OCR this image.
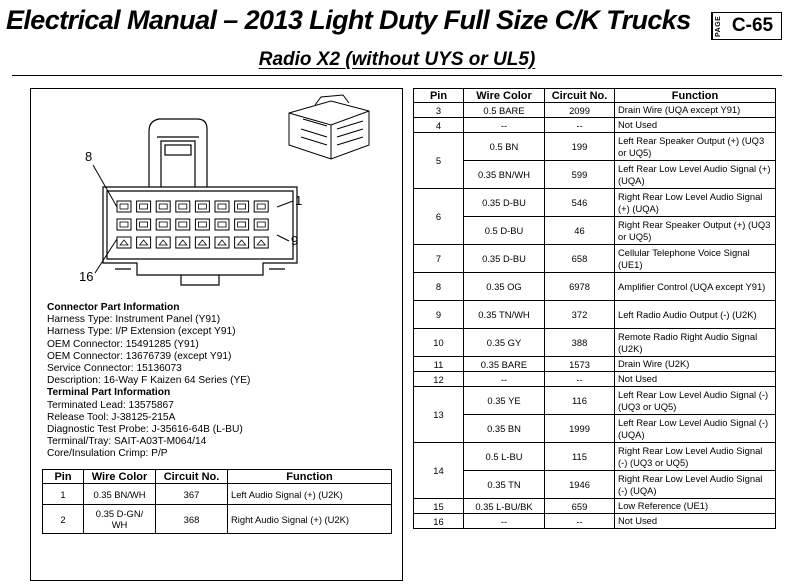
Electrical Manual – 2013 Light Duty Full Size C/K Trucks	PAGE C-65
Radio X2 (without UYS or UL5)
8
1
9
16
Connector Part Information
Harness Type: Instrument Panel (Y91)
Harness Type: I/P Extension (except Y91)
OEM Connector: 15491285 (Y91)
OEM Connector: 13676739 (except Y91)
Service Connector: 15136073
Description: 16-Way F Kaizen 64 Series (YE)
Terminal Part Information
Terminated Lead: 13575867
Release Tool: J-38125-215A
Diagnostic Test Probe: J-35616-64B (L-BU)
Terminal/Tray: SAIT-A03T-M064/14
Core/Insulation Crimp: P/P
Pin	Wire Color	Circuit No.	Function
1	0.35 BN/WH	367	Left Audio Signal (+) (U2K)
2	0.35 D-GN/ WH	368	Right Audio Signal (+) (U2K)
Pin	Wire Color	Circuit No.	Function
3	0.5 BARE	2099	Drain Wire (UQA except Y91)
4	--	--	Not Used
5	0.5 BN	199	Left Rear Speaker Output (+) (UQ3 or UQ5)
	0.35 BN/WH	599	Left Rear Low Level Audio Signal (+) (UQA)
6	0.35 D-BU	546	Right Rear Low Level Audio Signal (+) (UQA)
	0.5 D-BU	46	Right Rear Speaker Output (+) (UQ3 or UQ5)
7	0.35 D-BU	658	Cellular Telephone Voice Signal (UE1)
8	0.35 OG	6978	Amplifier Control (UQA except Y91)
9	0.35 TN/WH	372	Left Radio Audio Output (-) (U2K)
10	0.35 GY	388	Remote Radio Right Audio Signal (U2K)
11	0.35 BARE	1573	Drain Wire (U2K)
12	--	--	Not Used
13	0.35 YE	116	Left Rear Low Level Audio Signal (-) (UQ3 or UQ5)
	0.35 BN	1999	Left Rear Low Level Audio Signal (-) (UQA)
14	0.5 L-BU	115	Right Rear Low Level Audio Signal (-) (UQ3 or UQ5)
	0.35 TN	1946	Right Rear Low Level Audio Signal (-) (UQA)
15	0.35 L-BU/BK	659	Low Reference (UE1)
16	--	--	Not Used
